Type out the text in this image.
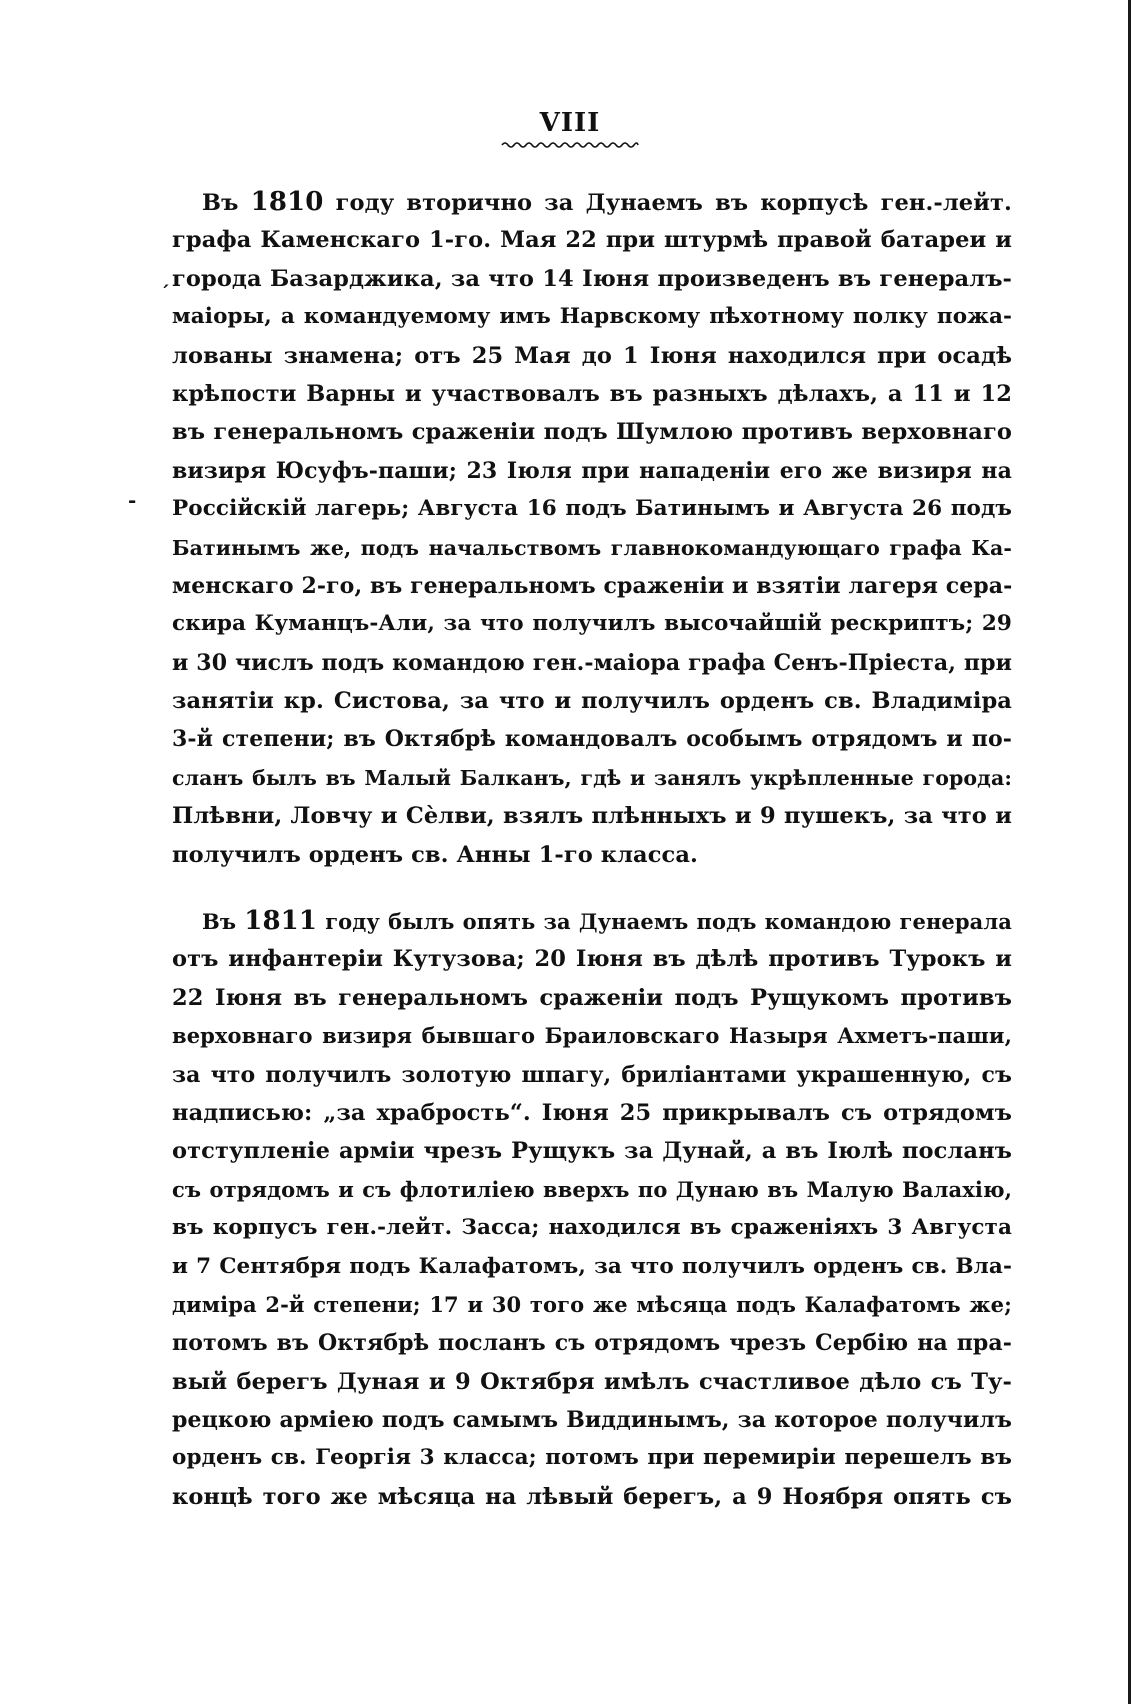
VIII
´
-
Въ 1810 году вторично за Дунаемъ въ корпусѣ ген.-лейт.
графа Каменскаго 1-го. Мая 22 при штурмѣ правой батареи и
города Базарджика, за что 14 Іюня произведенъ въ генералъ-
маіоры, а командуемому имъ Нарвскому пѣхотному полку пожа-
лованы знамена; отъ 25 Мая до 1 Іюня находился при осадѣ
крѣпости Варны и участвовалъ въ разныхъ дѣлахъ, а 11 и 12
въ генеральномъ сраженіи подъ Шумлою противъ верховнаго
визиря Юсуфъ-паши; 23 Іюля при нападеніи его же визиря на
Россійскій лагерь; Августа 16 подъ Батинымъ и Августа 26 подъ
Батинымъ же, подъ начальствомъ главнокомандующаго графа Ка-
менскаго 2-го, въ генеральномъ сраженіи и взятіи лагеря сера-
скира Куманцъ-Али, за что получилъ высочайшій рескриптъ; 29
и 30 числъ подъ командою ген.-маіора графа Сенъ-Пріеста, при
занятіи кр. Систова, за что и получилъ орденъ св. Владиміра
3-й степени; въ Октябрѣ командовалъ особымъ отрядомъ и по-
сланъ былъ въ Малый Балканъ, гдѣ и занялъ укрѣпленные города:
Плѣвни, Ловчу и Сѐлви, взялъ плѣнныхъ и 9 пушекъ, за что и
получилъ орденъ св. Анны 1-го класса.
Въ 1811 году былъ опять за Дунаемъ подъ командою генерала
отъ инфантеріи Кутузова; 20 Іюня въ дѣлѣ противъ Турокъ и
22 Іюня въ генеральномъ сраженіи подъ Рущукомъ противъ
верховнаго визиря бывшаго Браиловскаго Назыря Ахметъ-паши,
за что получилъ золотую шпагу, бриліантами украшенную, съ
надписью: „за храбрость“. Іюня 25 прикрывалъ съ отрядомъ
отступленіе арміи чрезъ Рущукъ за Дунай, а въ Іюлѣ посланъ
съ отрядомъ и съ флотиліею вверхъ по Дунаю въ Малую Валахію,
въ корпусъ ген.-лейт. Засса; находился въ сраженіяхъ 3 Августа
и 7 Сентября подъ Калафатомъ, за что получилъ орденъ св. Вла-
диміра 2-й степени; 17 и 30 того же мѣсяца подъ Калафатомъ же;
потомъ въ Октябрѣ посланъ съ отрядомъ чрезъ Сербію на пра-
вый берегъ Дуная и 9 Октября имѣлъ счастливое дѣло съ Ту-
рецкою арміею подъ самымъ Виддинымъ, за которое получилъ
орденъ св. Георгія 3 класса; потомъ при перемиріи перешелъ въ
концѣ того же мѣсяца на лѣвый берегъ, а 9 Ноября опять съ
